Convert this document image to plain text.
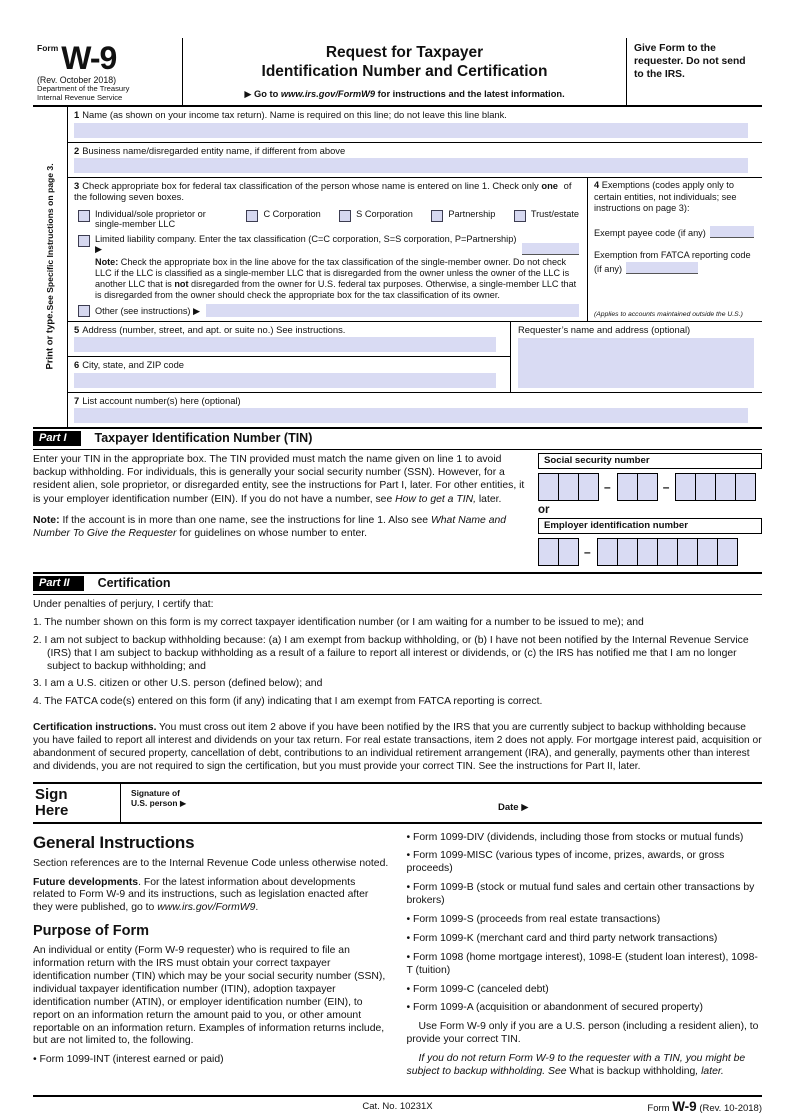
$^{Form}$W-9
(Rev. October 2018)
Department of the Treasury
Internal Revenue Service
Request for Taxpayer
Identification Number and Certification
▶ Go to www.irs.gov/FormW9 for instructions and the latest information.
Give Form to the requester. Do not send to the IRS.
Print or type.
See Specific Instructions on page 3.
1 Name (as shown on your income tax return). Name is required on this line; do not leave this line blank.
2 Business name/disregarded entity name, if different from above
3 Check appropriate box for federal tax classification of the person whose name is entered on line 1. Check only one of the following seven boxes.
Individual/sole proprietor or single-member LLC
C Corporation	S Corporation	Partnership	Trust/estate
Limited liability company. Enter the tax classification (C=C corporation, S=S corporation, P=Partnership) ▶
Note: Check the appropriate box in the line above for the tax classification of the single-member owner. Do not check LLC if the LLC is classified as a single-member LLC that is disregarded from the owner unless the owner of the LLC is another LLC that is not disregarded from the owner for U.S. federal tax purposes. Otherwise, a single-member LLC that is disregarded from the owner should check the appropriate box for the tax classification of its owner.
Other (see instructions) ▶
4 Exemptions (codes apply only to certain entities, not individuals; see instructions on page 3):
Exempt payee code (if any)
Exemption from FATCA reporting code (if any)
(Applies to accounts maintained outside the U.S.)
5 Address (number, street, and apt. or suite no.) See instructions.
6 City, state, and ZIP code
Requester’s name and address (optional)
7 List account number(s) here (optional)
Part I	Taxpayer Identification Number (TIN)

Enter your TIN in the appropriate box. The TIN provided must match the name given on line 1 to avoid backup withholding. For individuals, this is generally your social security number (SSN). However, for a resident alien, sole proprietor, or disregarded entity, see the instructions for Part I, later. For other entities, it is your employer identification number (EIN). If you do not have a number, see How to get a TIN, later.

Note: If the account is in more than one name, see the instructions for line 1. Also see What Name and Number To Give the Requester for guidelines on whose number to enter.

Social security number
–	–
or
Employer identification number
–
Part II	Certification
Under penalties of perjury, I certify that:
1. The number shown on this form is my correct taxpayer identification number (or I am waiting for a number to be issued to me); and
2. I am not subject to backup withholding because: (a) I am exempt from backup withholding, or (b) I have not been notified by the Internal Revenue Service (IRS) that I am subject to backup withholding as a result of a failure to report all interest or dividends, or (c) the IRS has notified me that I am no longer subject to backup withholding; and
3. I am a U.S. citizen or other U.S. person (defined below); and
4. The FATCA code(s) entered on this form (if any) indicating that I am exempt from FATCA reporting is correct.
Certification instructions. You must cross out item 2 above if you have been notified by the IRS that you are currently subject to backup withholding because you have failed to report all interest and dividends on your tax return. For real estate transactions, item 2 does not apply. For mortgage interest paid, acquisition or abandonment of secured property, cancellation of debt, contributions to an individual retirement arrangement (IRA), and generally, payments other than interest and dividends, you are not required to sign the certification, but you must provide your correct TIN. See the instructions for Part II, later.
Sign
Here
Signature of
U.S. person ▶	Date ▶
General Instructions

Section references are to the Internal Revenue Code unless otherwise noted.

Future developments. For the latest information about developments related to Form W-9 and its instructions, such as legislation enacted after they were published, go to www.irs.gov/FormW9.

Purpose of Form

An individual or entity (Form W-9 requester) who is required to file an information return with the IRS must obtain your correct taxpayer identification number (TIN) which may be your social security number (SSN), individual taxpayer identification number (ITIN), adoption taxpayer identification number (ATIN), or employer identification number (EIN), to report on an information return the amount paid to you, or other amount reportable on an information return. Examples of information returns include, but are not limited to, the following.

• Form 1099-INT (interest earned or paid)

• Form 1099-DIV (dividends, including those from stocks or mutual funds)

• Form 1099-MISC (various types of income, prizes, awards, or gross proceeds)

• Form 1099-B (stock or mutual fund sales and certain other transactions by brokers)

• Form 1099-S (proceeds from real estate transactions)

• Form 1099-K (merchant card and third party network transactions)

• Form 1098 (home mortgage interest), 1098-E (student loan interest), 1098-T (tuition)

• Form 1099-C (canceled debt)

• Form 1099-A (acquisition or abandonment of secured property)

Use Form W-9 only if you are a U.S. person (including a resident alien), to provide your correct TIN.

If you do not return Form W-9 to the requester with a TIN, you might be subject to backup withholding. See What is backup withholding, later.

Cat. No. 10231X	Form W-9 (Rev. 10-2018)
